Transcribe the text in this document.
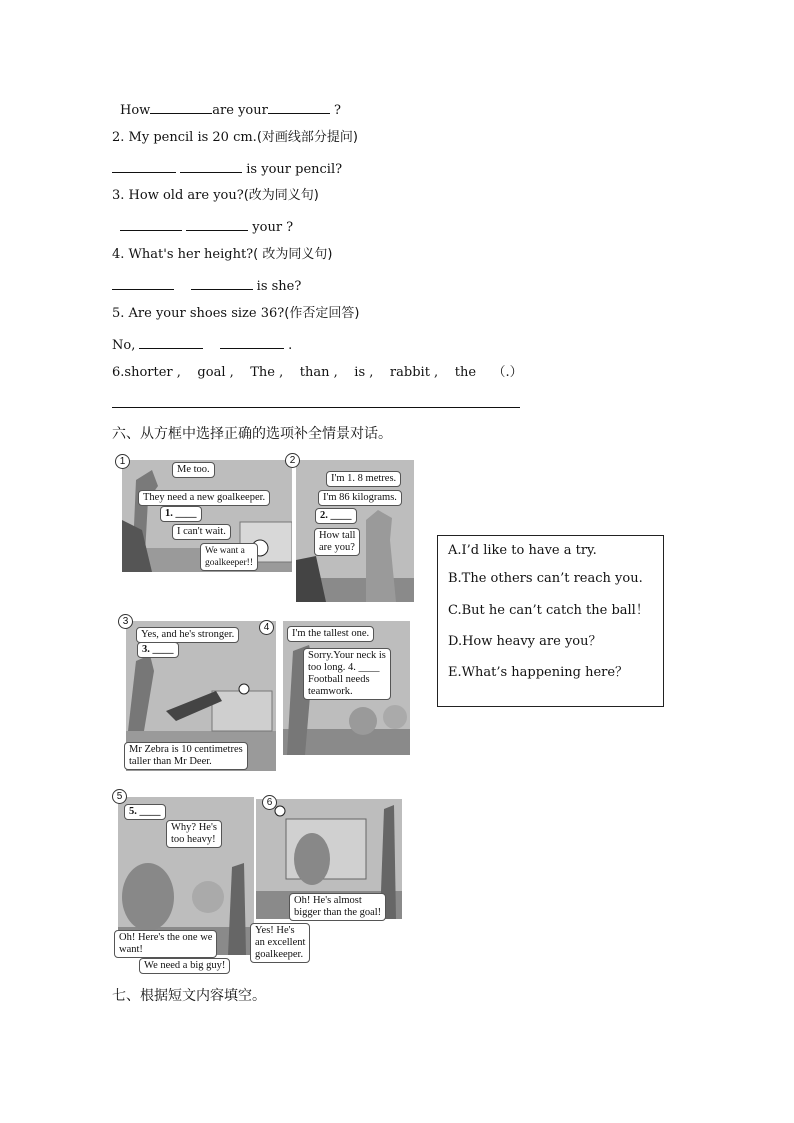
How	are your	?
2. My pencil is 20 cm.(对画线部分提问)
is your pencil?
3. How old are you?(改为同义句)
your ?
4. What's her height?( 改为同义句)
is she?
5. Are your shoes size 36?(作否定回答)
No,	.
6.shorter ,    goal ,    The ,    than ,    is ,    rabbit ,    the    （.）
六、从方框中选择正确的选项补全情景对话。
1
Me too.
They need a new goalkeeper.
1. ____
I can't wait.
We want a
goalkeeper!!
2
I'm 1. 8 metres.
I'm 86 kilograms.
2. ____
How tall
are you?	A.I’d like to have a try.
B.The others can’t reach you.
C.But he can’t catch the ball！
D.How heavy are you？
E.What’s happening here？
3
Yes, and he's stronger.
3. ____
Mr Zebra is 10 centimetres
taller than Mr Deer.
4
I'm the tallest one.
Sorry.Your neck is
too long. 4. ____
Football needs
teamwork.
5
5. ____
Why? He's
too heavy!
Oh! Here's the one we
want!
We need a big guy!
6
Oh! He's almost
bigger than the goal!
Yes! He's
an excellent
goalkeeper.
七、根据短文内容填空。
